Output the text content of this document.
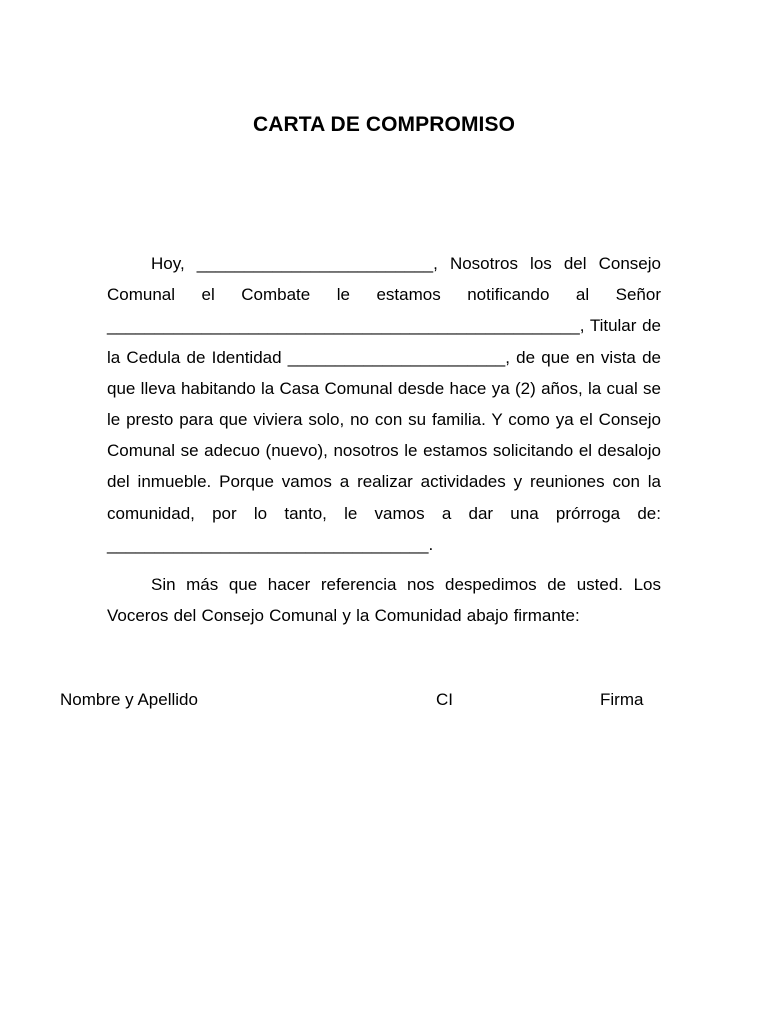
CARTA DE COMPROMISO

Hoy, _________________________, Nosotros los del Consejo Comunal el Combate le estamos notificando al Señor __________________________________________________, Titular de la Cedula de Identidad _______________________, de que en vista de que lleva habitando la Casa Comunal desde hace ya (2) años, la cual se le presto para que viviera solo, no con su familia. Y como ya el Consejo Comunal se adecuo (nuevo), nosotros le estamos solicitando el desalojo del inmueble. Porque vamos a realizar actividades y reuniones con la comunidad, por lo tanto, le vamos a dar una prórroga de: __________________________________.

Sin más que hacer referencia nos despedimos de usted. Los Voceros del Consejo Comunal y la Comunidad abajo firmante:

Nombre y Apellido	CI	Firma
